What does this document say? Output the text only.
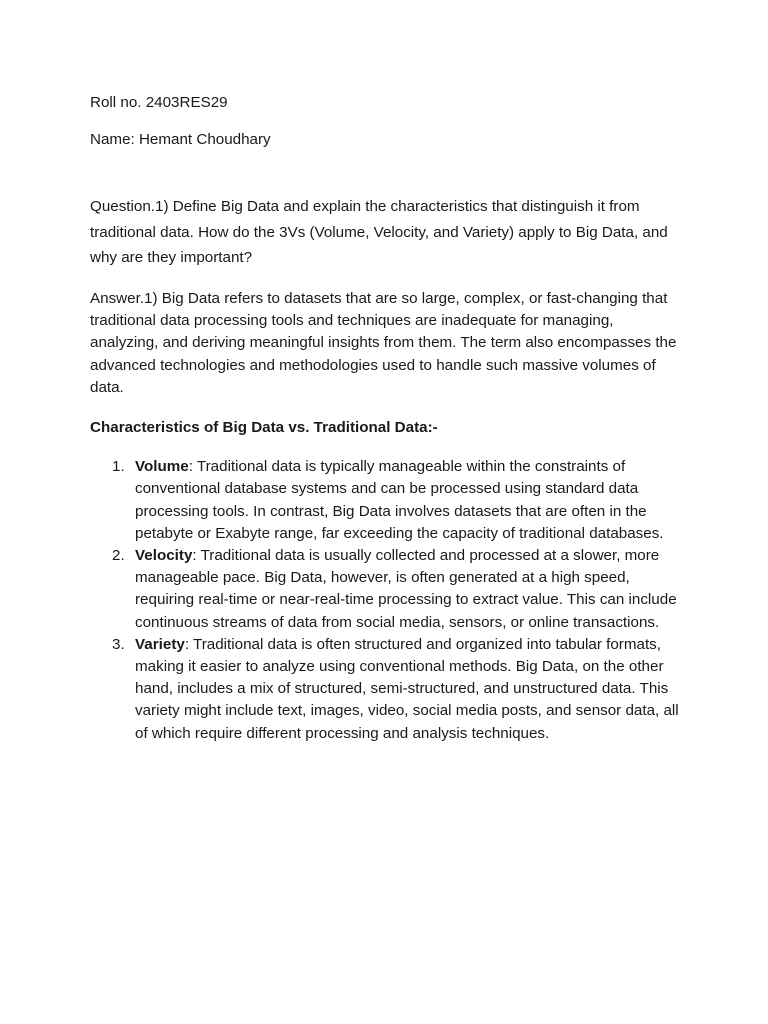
Roll no. 2403RES29

Name: Hemant Choudhary

Question.1) Define Big Data and explain the characteristics that distinguish it from traditional data. How do the 3Vs (Volume, Velocity, and Variety) apply to Big Data, and why are they important?

Answer.1) Big Data refers to datasets that are so large, complex, or fast-changing that traditional data processing tools and techniques are inadequate for managing, analyzing, and deriving meaningful insights from them. The term also encompasses the advanced technologies and methodologies used to handle such massive volumes of data.

Characteristics of Big Data vs. Traditional Data:-

1. Volume: Traditional data is typically manageable within the constraints of conventional database systems and can be processed using standard data processing tools. In contrast, Big Data involves datasets that are often in the petabyte or Exabyte range, far exceeding the capacity of traditional databases.
2. Velocity: Traditional data is usually collected and processed at a slower, more manageable pace. Big Data, however, is often generated at a high speed, requiring real-time or near-real-time processing to extract value. This can include continuous streams of data from social media, sensors, or online transactions.
3. Variety: Traditional data is often structured and organized into tabular formats, making it easier to analyze using conventional methods. Big Data, on the other hand, includes a mix of structured, semi-structured, and unstructured data. This variety might include text, images, video, social media posts, and sensor data, all of which require different processing and analysis techniques.
